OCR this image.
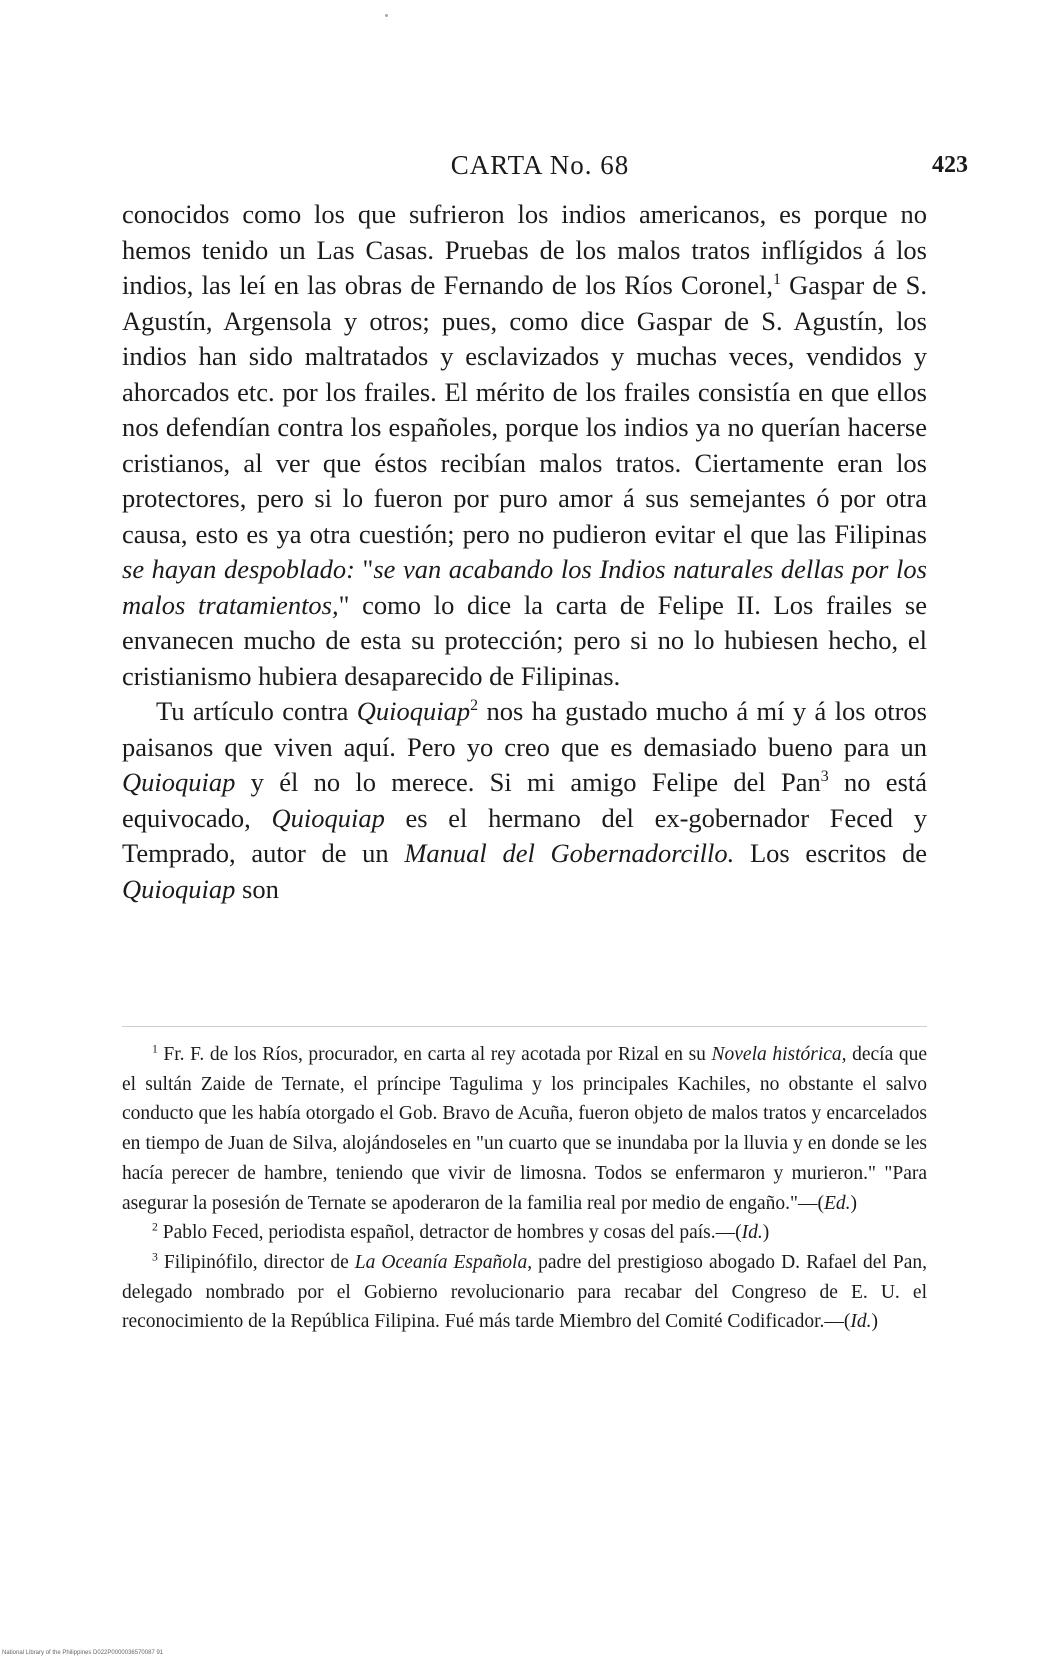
CARTA No. 68	423

conocidos como los que sufrieron los indios americanos, es porque no hemos tenido un Las Casas. Pruebas de los malos tratos inflígidos á los indios, las leí en las obras de Fernando de los Ríos Coronel,$^1$ Gaspar de S. Agustín, Argensola y otros; pues, como dice Gaspar de S. Agustín, los indios han sido maltratados y esclavizados y muchas veces, vendidos y ahorcados etc. por los frailes. El mérito de los frailes consistía en que ellos nos defendían contra los españoles, porque los indios ya no querían hacerse cristianos, al ver que éstos recibían malos tratos. Ciertamente eran los protectores, pero si lo fueron por puro amor á sus semejantes ó por otra causa, esto es ya otra cuestión; pero no pudieron evitar el que las Filipinas se hayan despoblado: "se van acabando los Indios naturales dellas por los malos tratamientos," como lo dice la carta de Felipe II. Los frailes se envanecen mucho de esta su protección; pero si no lo hubiesen hecho, el cristianismo hubiera desaparecido de Filipinas.

Tu artículo contra Quioquiap$^2$ nos ha gustado mucho á mí y á los otros paisanos que viven aquí. Pero yo creo que es demasiado bueno para un Quioquiap y él no lo merece. Si mi amigo Felipe del Pan$^3$ no está equivocado, Quioquiap es el hermano del ex-gobernador Feced y Temprado, autor de un Manual del Gobernadorcillo. Los escritos de Quioquiap son

$^1$ Fr. F. de los Ríos, procurador, en carta al rey acotada por Rizal en su Novela histórica, decía que el sultán Zaide de Ternate, el príncipe Tagulima y los principales Kachiles, no obstante el salvo conducto que les había otorgado el Gob. Bravo de Acuña, fueron objeto de malos tratos y encarcelados en tiempo de Juan de Silva, alojándoseles en "un cuarto que se inundaba por la lluvia y en donde se les hacía perecer de hambre, teniendo que vivir de limosna. Todos se enfermaron y murieron." "Para asegurar la posesión de Ternate se apoderaron de la familia real por medio de engaño."—(Ed.)

$^2$ Pablo Feced, periodista español, detractor de hombres y cosas del país.—(Id.)

$^3$ Filipinófilo, director de La Oceanía Española, padre del prestigioso abogado D. Rafael del Pan, delegado nombrado por el Gobierno revolucionario para recabar del Congreso de E. U. el reconocimiento de la República Filipina. Fué más tarde Miembro del Comité Codificador.—(Id.)

National Library of the Philippines D022P0000036570087 91
